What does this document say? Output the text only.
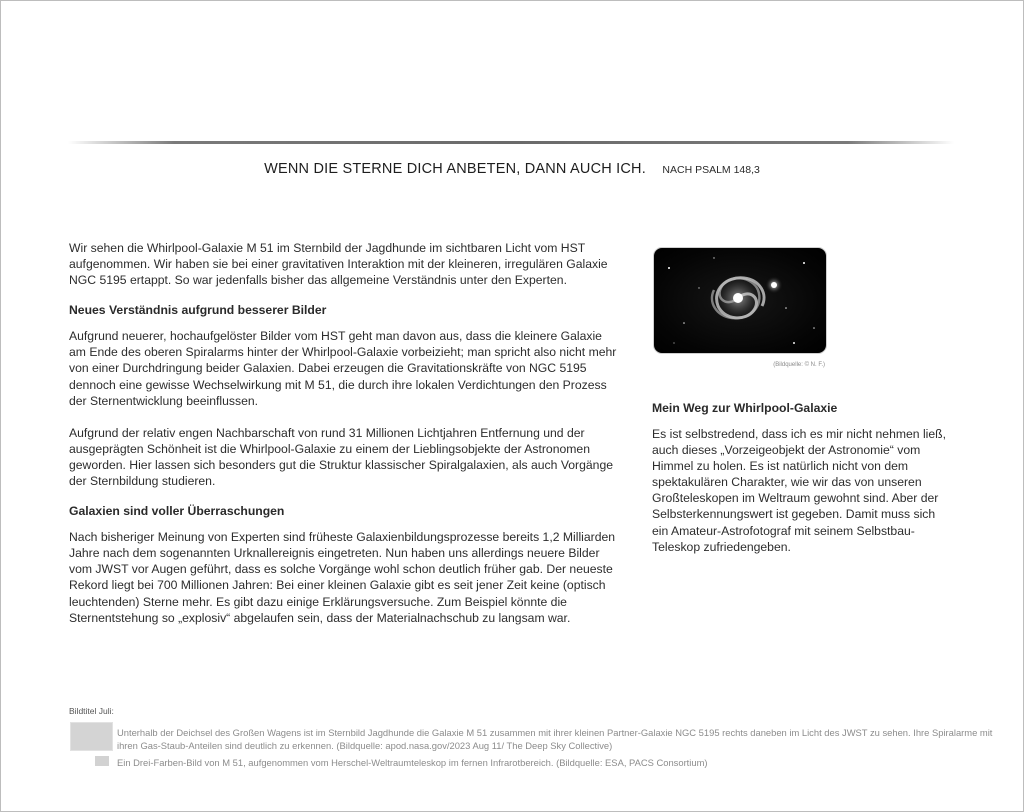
WENN DIE STERNE DICH ANBETEN, DANN AUCH ICH. NACH PSALM 148,3

Wir sehen die Whirlpool-Galaxie M 51 im Sternbild der Jagdhunde im sichtbaren Licht vom HST aufgenommen. Wir haben sie bei einer gravitativen Interaktion mit der kleineren, irregulären Galaxie NGC 5195 ertappt. So war jedenfalls bisher das allgemeine Verständnis unter den Experten.

Neues Verständnis aufgrund besserer Bilder

Aufgrund neuerer, hochaufgelöster Bilder vom HST geht man davon aus, dass die kleinere Galaxie am Ende des oberen Spiralarms hinter der Whirlpool-Galaxie vorbeizieht; man spricht also nicht mehr von einer Durchdringung beider Galaxien. Dabei erzeugen die Gravitationskräfte von NGC 5195 dennoch eine gewisse Wechselwirkung mit M 51, die durch ihre lokalen Verdichtungen den Prozess der Sternentwicklung beeinflussen.

Aufgrund der relativ engen Nachbarschaft von rund 31 Millionen Lichtjahren Entfernung und der ausgeprägten Schönheit ist die Whirlpool-Galaxie zu einem der Lieblingsobjekte der Astronomen geworden. Hier lassen sich besonders gut die Struktur klassischer Spiralgalaxien, als auch Vorgänge der Sternbildung studieren.

Galaxien sind voller Überraschungen

Nach bisheriger Meinung von Experten sind früheste Galaxienbildungsprozesse bereits 1,2 Milliarden Jahre nach dem sogenannten Urknallereignis eingetreten. Nun haben uns allerdings neuere Bilder vom JWST vor Augen geführt, dass es solche Vorgänge wohl schon deutlich früher gab. Der neueste Rekord liegt bei 700 Millionen Jahren: Bei einer kleinen Galaxie gibt es seit jener Zeit keine (optisch leuchtenden) Sterne mehr. Es gibt dazu einige Erklärungsversuche. Zum Beispiel könnte die Sternentstehung so „explosiv“ abgelaufen sein, dass der Materialnachschub zu langsam war.

(Bildquelle: © N. F.)
Mein Weg zur Whirlpool-Galaxie

Es ist selbstredend, dass ich es mir nicht nehmen ließ, auch dieses „Vorzeigeobjekt der Astronomie“ vom Himmel zu holen. Es ist natürlich nicht von dem spektakulären Charakter, wie wir das von unseren Großteleskopen im Weltraum gewohnt sind. Aber der Selbsterkennungswert ist gegeben. Damit muss sich ein Amateur-Astrofotograf mit seinem Selbstbau-Teleskop zufriedengeben.

Bildtitel Juli:

Unterhalb der Deichsel des Großen Wagens ist im Sternbild Jagdhunde die Galaxie M 51 zusammen mit ihrer kleinen Partner-Galaxie NGC 5195 rechts daneben im Licht des JWST zu sehen. Ihre Spiralarme mit ihren Gas-Staub-Anteilen sind deutlich zu erkennen. (Bildquelle: apod.nasa.gov/2023 Aug 11/ The Deep Sky Collective)

Ein Drei-Farben-Bild von M 51, aufgenommen vom Herschel-Weltraumteleskop im fernen Infrarotbereich. (Bildquelle: ESA, PACS Consortium)
